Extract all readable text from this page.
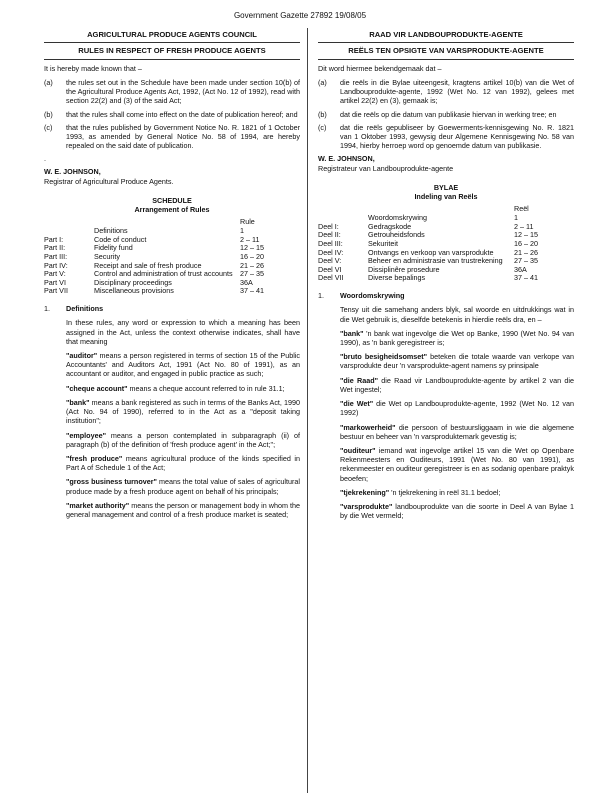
Government Gazette 27892 19/08/05
AGRICULTURAL PRODUCE AGENTS COUNCIL
RULES IN RESPECT OF FRESH PRODUCE AGENTS
It is hereby made known that –
(a)	the rules set out in the Schedule have been made under section 10(b) of the Agricultural Produce Agents Act, 1992, (Act No. 12 of 1992), read with section 22(2) and (3) of the said Act;
(b)	that the rules shall come into effect on the date of publication hereof; and
(c)	that the rules published by Government Notice No. R. 1821 of 1 October 1993, as amended by General Notice No. 58 of 1994, are hereby repealed on the said date of publication.
.
W. E. JOHNSON,
Registrar of Agricultural Produce Agents.
SCHEDULE
Arrangement of Rules
		Rule
	Definitions	1
Part I:	Code of conduct	2 – 11
Part II:	Fidelity fund	12 – 15
Part III:	Security	16 – 20
Part IV:	Receipt and sale of fresh produce	21 – 26
Part V:	Control and administration of trust accounts	27 – 35
Part VI	Disciplinary proceedings	36A
Part VII	Miscellaneous provisions	37 – 41
1.	Definitions
In these rules, any word or expression to which a meaning has been assigned in the Act, unless the context otherwise indicates, shall have that meaning
"auditor" means a person registered in terms of section 15 of the Public Accountants' and Auditors Act, 1991 (Act No. 80 of 1991), as an accountant or auditor, and engaged in public practice as such;
"cheque account" means a cheque account referred to in rule 31.1;
"bank" means a bank registered as such in terms of the Banks Act, 1990 (Act No. 94 of 1990), referred to in the Act as a "deposit taking institution";
"employee" means a person contemplated in subparagraph (ii) of paragraph (b) of the definition of 'fresh produce agent' in the Act;";
"fresh produce" means agricultural produce of the kinds specified in Part A of Schedule 1 of the Act;
"gross business turnover" means the total value of sales of agricultural produce made by a fresh produce agent on behalf of his principals;
"market authority" means the person or management body in whom the general management and control of a fresh produce market is seated;
RAAD VIR LANDBOUPRODUKTE-AGENTE
REËLS TEN OPSIGTE VAN VARSPRODUKTE-AGENTE
Dit word hiermee bekendgemaak dat –
(a)	die reëls in die Bylae uiteengesit, kragtens artikel 10(b) van die Wet of Landbouprodukte-agente, 1992 (Wet No. 12 van 1992), gelees met artikel 22(2) en (3), gemaak is;
(b)	dat die reëls op die datum van publikasie hiervan in werking tree; en
(c)	dat die reëls gepubliseer by Goewerments-kennisgewing No. R. 1821 van 1 Oktober 1993, gewysig deur Algemene Kennisgewing No. 58 van 1994, hierby herroep word op genoemde datum van publikasie.
W. E. JOHNSON,
Registrateur van Landbouprodukte-agente
BYLAE
Indeling van Reëls
		Reël
	Woordomskrywing	1
Deel I:	Gedragskode	2 – 11
Deel II:	Getrouheidsfonds	12 – 15
Deel III:	Sekuriteit	16 – 20
Deel IV:	Ontvangs en verkoop van varsprodukte	21 – 26
Deel V:	Beheer en administrasie van trustrekening	27 – 35
Deel VI	Dissiplinêre prosedure	36A
Deel VII	Diverse bepalings	37 – 41
1.	Woordomskrywing
Tensy uit die samehang anders blyk, sal woorde en uitdrukkings wat in die Wet gebruik is, dieselfde betekenis in hierdie reëls dra, en –
"bank" 'n bank wat ingevolge die Wet op Banke, 1990 (Wet No. 94 van 1990), as 'n bank geregistreer is;
"bruto besigheidsomset" beteken die totale waarde van verkope van varsprodukte deur 'n varsprodukte-agent namens sy prinsipale
"die Raad" die Raad vir Landbouprodukte-agente by artikel 2 van die Wet ingestel;
"die Wet" die Wet op Landbouprodukte-agente, 1992 (Wet No. 12 van 1992)
"markowerheid" die persoon of bestuursliggaam in wie die algemene bestuur en beheer van 'n varsproduktemark gevestig is;
"ouditeur" iemand wat ingevolge artikel 15 van die Wet op Openbare Rekenmeesters en Ouditeurs, 1991 (Wet No. 80 van 1991), as rekenmeester en ouditeur geregistreer is en as sodanig openbare praktyk beoefen;
"tjekrekening" 'n tjekrekening in reël 31.1 bedoel;
"varsprodukte" landbouprodukte van die soorte in Deel A van Bylae 1 by die Wet vermeld;
